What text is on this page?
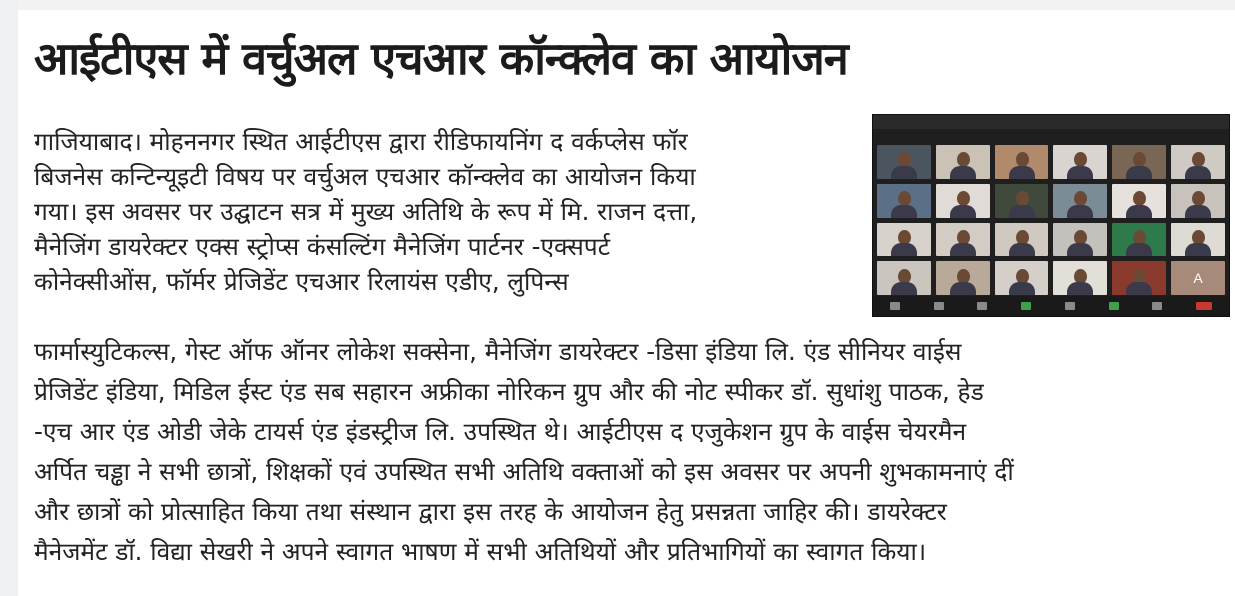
आईटीएस में वर्चुअल एचआर कॉन्क्लेव का आयोजन
गाजियाबाद। मोहननगर स्थित आईटीएस द्वारा रीडिफायनिंग द वर्कप्लेस फॉर
बिजनेस कन्टिन्यूइटी विषय पर वर्चुअल एचआर कॉन्क्लेव का आयोजन किया
गया। इस अवसर पर उद्घाटन सत्र में मुख्य अतिथि के रूप में मि. राजन दत्ता,
मैनेजिंग डायरेक्टर एक्स स्ट्रोप्स कंसल्टिंग मैनेजिंग पार्टनर -एक्सपर्ट
कोनेक्सीओंस, फॉर्मर प्रेजिडेंट एचआर रिलायंस एडीए, लुपिन्स
फार्मास्युटिकल्स, गेस्ट ऑफ ऑनर लोकेश सक्सेना, मैनेजिंग डायरेक्टर -डिसा इंडिया लि. एंड सीनियर वाईस
प्रेजिडेंट इंडिया, मिडिल ईस्ट एंड सब सहारन अफ्रीका नोरिकन ग्रुप और की नोट स्पीकर डॉ. सुधांशु पाठक, हेड
-एच आर एंड ओडी जेके टायर्स एंड इंडस्ट्रीज लि. उपस्थित थे। आईटीएस द एजुकेशन ग्रुप के वाईस चेयरमैन
अर्पित चड्ढा ने सभी छात्रों, शिक्षकों एवं उपस्थित सभी अतिथि वक्ताओं को इस अवसर पर अपनी शुभकामनाएं दीं
और छात्रों को प्रोत्साहित किया तथा संस्थान द्वारा इस तरह के आयोजन हेतु प्रसन्नता जाहिर की। डायरेक्टर
मैनेजमेंट डॉ. विद्या सेखरी ने अपने स्वागत भाषण में सभी अतिथियों और प्रतिभागियों का स्वागत किया।
A
